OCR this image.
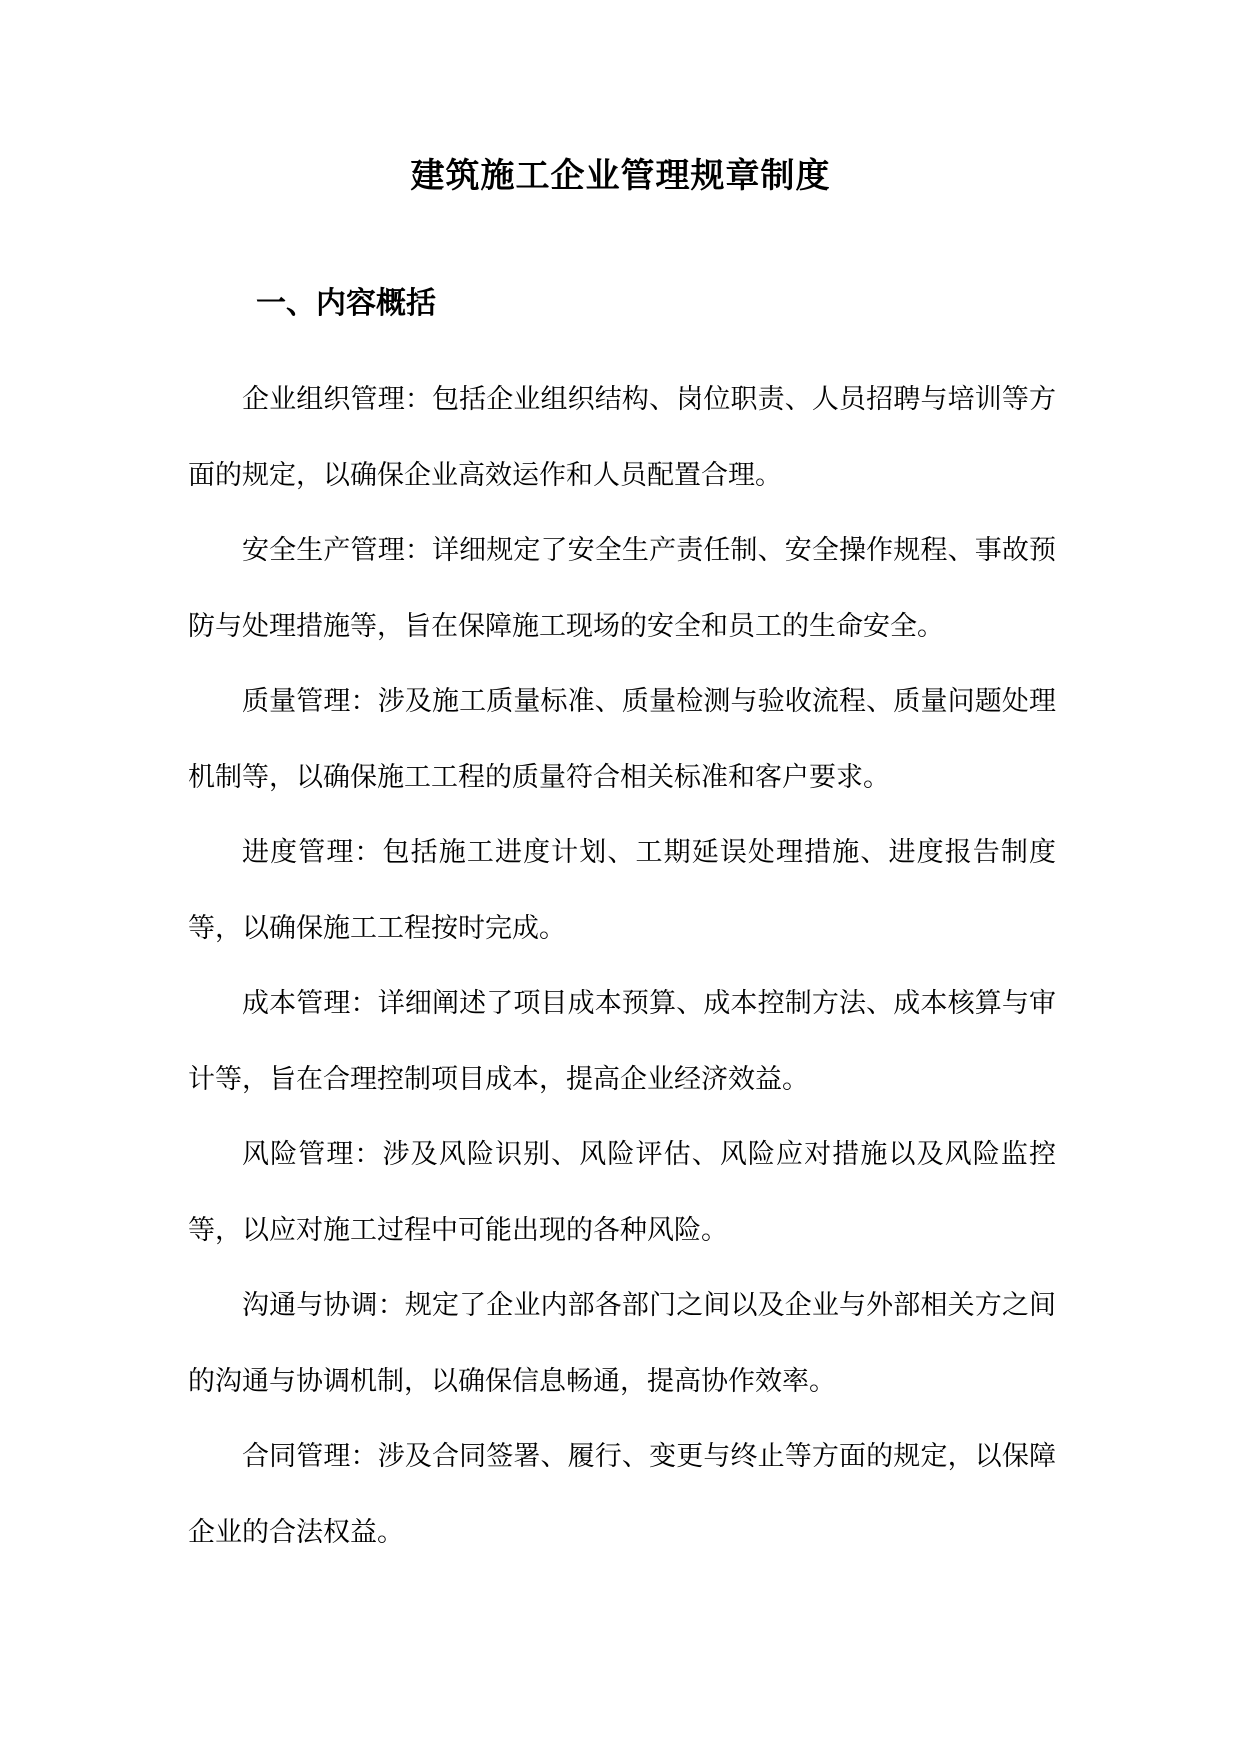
建筑施工企业管理规章制度
一、内容概括

企业组织管理：包括企业组织结构、岗位职责、人员招聘与培训等方面的规定，以确保企业高效运作和人员配置合理。

安全生产管理：详细规定了安全生产责任制、安全操作规程、事故预防与处理措施等，旨在保障施工现场的安全和员工的生命安全。

质量管理：涉及施工质量标准、质量检测与验收流程、质量问题处理机制等，以确保施工工程的质量符合相关标准和客户要求。

进度管理：包括施工进度计划、工期延误处理措施、进度报告制度等，以确保施工工程按时完成。

成本管理：详细阐述了项目成本预算、成本控制方法、成本核算与审计等，旨在合理控制项目成本，提高企业经济效益。

风险管理：涉及风险识别、风险评估、风险应对措施以及风险监控等，以应对施工过程中可能出现的各种风险。

沟通与协调：规定了企业内部各部门之间以及企业与外部相关方之间的沟通与协调机制，以确保信息畅通，提高协作效率。

合同管理：涉及合同签署、履行、变更与终止等方面的规定，以保障企业的合法权益。
